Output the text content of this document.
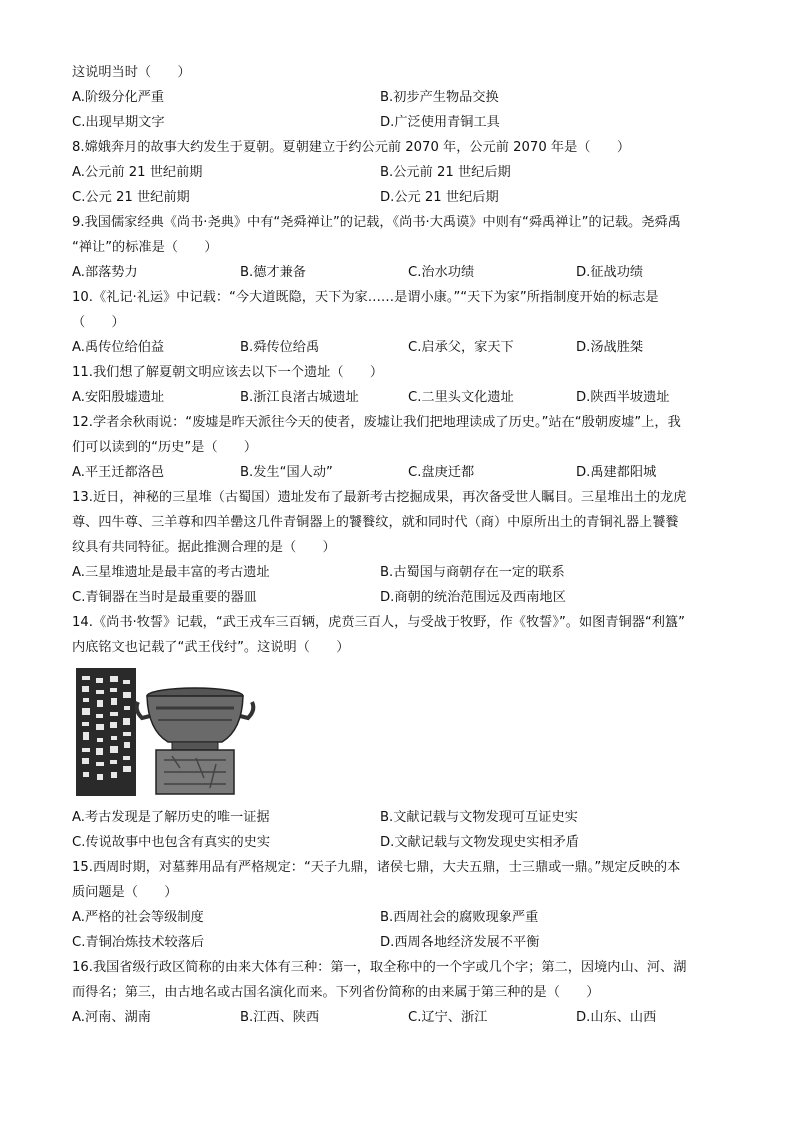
这说明当时（　　）
A.阶级分化严重	B.初步产生物品交换
C.出现早期文字	D.广泛使用青铜工具
8.嫦娥奔月的故事大约发生于夏朝。夏朝建立于约公元前 2070 年，公元前 2070 年是（　　）
A.公元前 21 世纪前期	B.公元前 21 世纪后期
C.公元 21 世纪前期	D.公元 21 世纪后期
9.我国儒家经典《尚书·尧典》中有“尧舜禅让”的记载，《尚书·大禹谟》中则有“舜禹禅让”的记载。尧舜禹
“禅让”的标准是（　　）
A.部落势力	B.德才兼备	C.治水功绩	D.征战功绩
10.《礼记·礼运》中记载：“今大道既隐，天下为家……是谓小康。”“天下为家”所指制度开始的标志是
（　　）
A.禹传位给伯益	B.舜传位给禹	C.启承父，家天下	D.汤战胜桀
11.我们想了解夏朝文明应该去以下一个遗址（　　）
A.安阳殷墟遗址	B.浙江良渚古城遗址	C.二里头文化遗址	D.陕西半坡遗址
12.学者余秋雨说：“废墟是昨天派往今天的使者，废墟让我们把地理读成了历史。”站在“殷朝废墟”上，我
们可以读到的“历史”是（　　）
A.平王迁都洛邑	B.发生“国人动”	C.盘庚迁都	D.禹建都阳城
13.近日，神秘的三星堆（古蜀国）遗址发布了最新考古挖掘成果，再次备受世人瞩目。三星堆出土的龙虎
尊、四牛尊、三羊尊和四羊罍这几件青铜器上的饕餮纹，就和同时代（商）中原所出土的青铜礼器上饕餮
纹具有共同特征。据此推测合理的是（　　）
A.三星堆遗址是最丰富的考古遗址	B.古蜀国与商朝存在一定的联系
C.青铜器在当时是最重要的器皿	D.商朝的统治范围远及西南地区
14.《尚书·牧誓》记载，“武王戎车三百辆，虎贲三百人，与受战于牧野，作《牧誓》”。如图青铜器“利簋”
内底铭文也记载了“武王伐纣”。这说明（　　）
A.考古发现是了解历史的唯一证据	B.文献记载与文物发现可互证史实
C.传说故事中也包含有真实的史实	D.文献记载与文物发现史实相矛盾
15.西周时期，对墓葬用品有严格规定：“天子九鼎，诸侯七鼎，大夫五鼎，士三鼎或一鼎。”规定反映的本
质问题是（　　）
A.严格的社会等级制度	B.西周社会的腐败现象严重
C.青铜冶炼技术较落后	D.西周各地经济发展不平衡
16.我国省级行政区简称的由来大体有三种：第一，取全称中的一个字或几个字；第二，因境内山、河、湖
而得名；第三，由古地名或古国名演化而来。下列省份简称的由来属于第三种的是（　　）
A.河南、湖南	B.江西、陕西	C.辽宁、浙江	D.山东、山西
